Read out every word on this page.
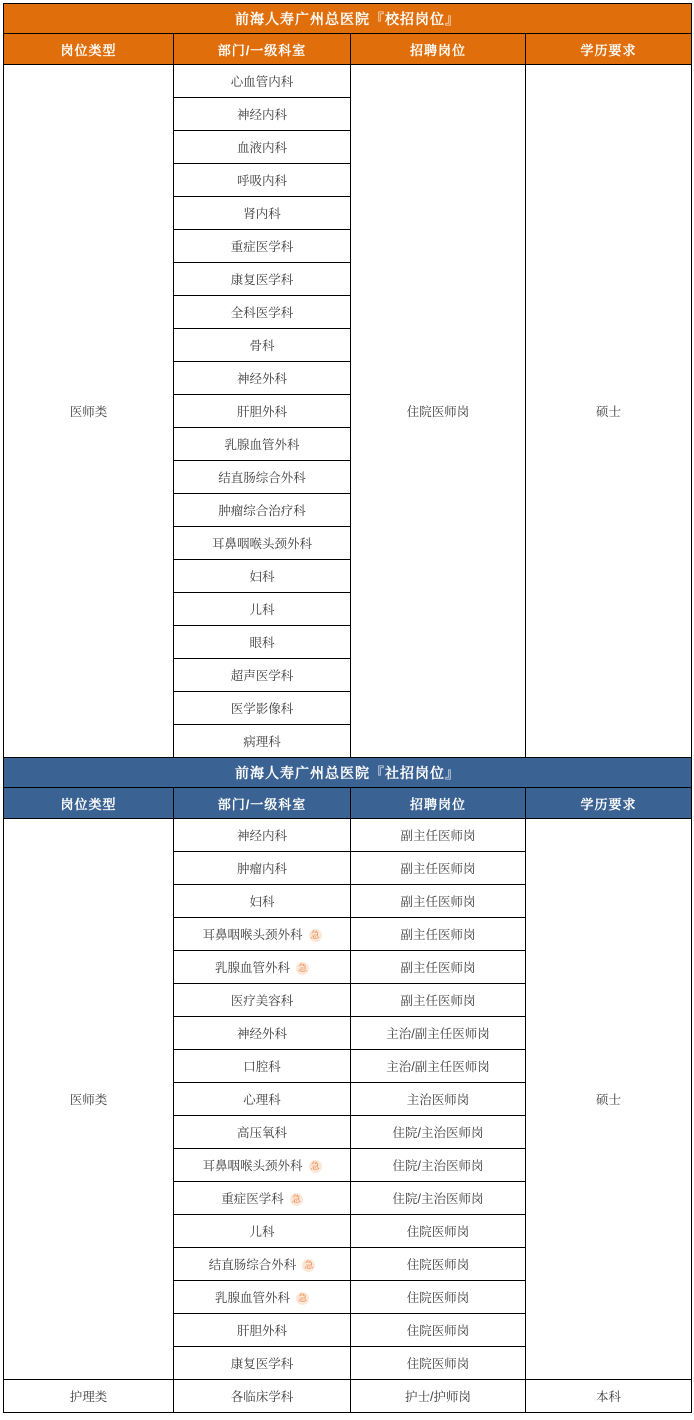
前海人寿广州总医院『校招岗位』			
岗位类型	部门/一级科室	招聘岗位	学历要求
医师类	心血管内科	住院医师岗	硕士
	神经内科		
	血液内科		
	呼吸内科		
	肾内科		
	重症医学科		
	康复医学科		
	全科医学科		
	骨科		
	神经外科		
	肝胆外科		
	乳腺血管外科		
	结直肠综合外科		
	肿瘤综合治疗科		
	耳鼻咽喉头颈外科		
	妇科		
	儿科		
	眼科		
	超声医学科		
	医学影像科		
	病理科		
前海人寿广州总医院『社招岗位』			
岗位类型	部门/一级科室	招聘岗位	学历要求
医师类	神经内科	副主任医师岗	硕士
	肿瘤内科	副主任医师岗	
	妇科	副主任医师岗	
	耳鼻咽喉头颈外科 急	副主任医师岗	
	乳腺血管外科 急	副主任医师岗	
	医疗美容科	副主任医师岗	
	神经外科	主治/副主任医师岗	
	口腔科	主治/副主任医师岗	
	心理科	主治医师岗	
	高压氧科	住院/主治医师岗	
	耳鼻咽喉头颈外科 急	住院/主治医师岗	
	重症医学科 急	住院/主治医师岗	
	儿科	住院医师岗	
	结直肠综合外科 急	住院医师岗	
	乳腺血管外科 急	住院医师岗	
	肝胆外科	住院医师岗	
	康复医学科	住院医师岗	
护理类	各临床学科	护士/护师岗	本科
